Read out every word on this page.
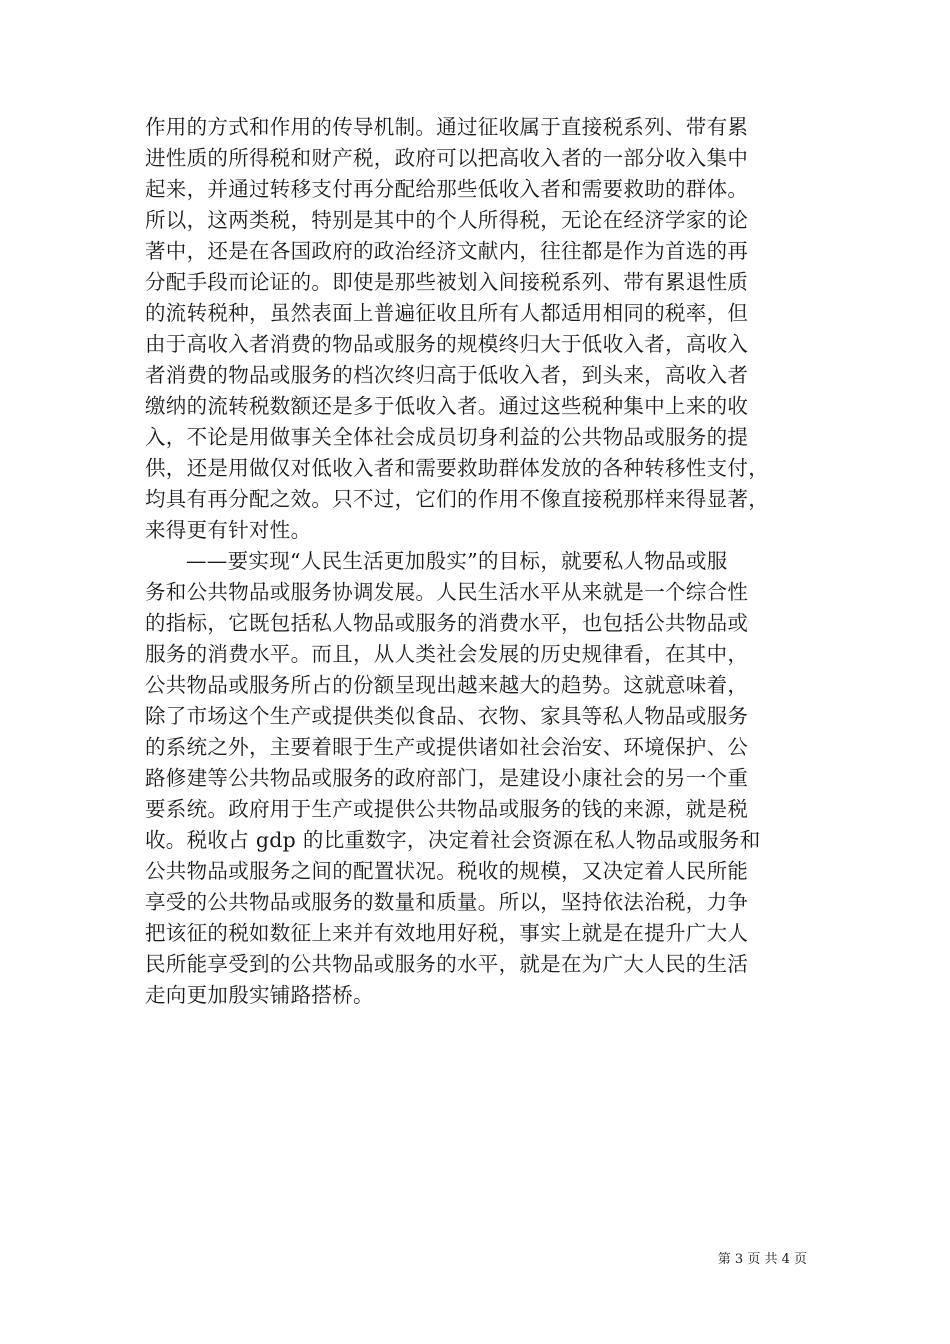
作用的方式和作用的传导机制。通过征收属于直接税系列、带有累
进性质的所得税和财产税，政府可以把高收入者的一部分收入集中
起来，并通过转移支付再分配给那些低收入者和需要救助的群体。
所以，这两类税，特别是其中的个人所得税，无论在经济学家的论
著中，还是在各国政府的政治经济文献内，往往都是作为首选的再
分配手段而论证的。即使是那些被划入间接税系列、带有累退性质
的流转税种，虽然表面上普遍征收且所有人都适用相同的税率，但
由于高收入者消费的物品或服务的规模终归大于低收入者，高收入
者消费的物品或服务的档次终归高于低收入者，到头来，高收入者
缴纳的流转税数额还是多于低收入者。通过这些税种集中上来的收
入，不论是用做事关全体社会成员切身利益的公共物品或服务的提
供，还是用做仅对低收入者和需要救助群体发放的各种转移性支付，
均具有再分配之效。只不过，它们的作用不像直接税那样来得显著，
来得更有针对性。

——要实现“人民生活更加殷实”的目标，就要私人物品或服
务和公共物品或服务协调发展。人民生活水平从来就是一个综合性
的指标，它既包括私人物品或服务的消费水平，也包括公共物品或
服务的消费水平。而且，从人类社会发展的历史规律看，在其中，
公共物品或服务所占的份额呈现出越来越大的趋势。这就意味着，
除了市场这个生产或提供类似食品、衣物、家具等私人物品或服务
的系统之外，主要着眼于生产或提供诸如社会治安、环境保护、公
路修建等公共物品或服务的政府部门，是建设小康社会的另一个重
要系统。政府用于生产或提供公共物品或服务的钱的来源，就是税
收。税收占 gdp 的比重数字，决定着社会资源在私人物品或服务和
公共物品或服务之间的配置状况。税收的规模，又决定着人民所能
享受的公共物品或服务的数量和质量。所以，坚持依法治税，力争
把该征的税如数征上来并有效地用好税，事实上就是在提升广大人
民所能享受到的公共物品或服务的水平，就是在为广大人民的生活
走向更加殷实铺路搭桥。

第 3 页 共 4 页
